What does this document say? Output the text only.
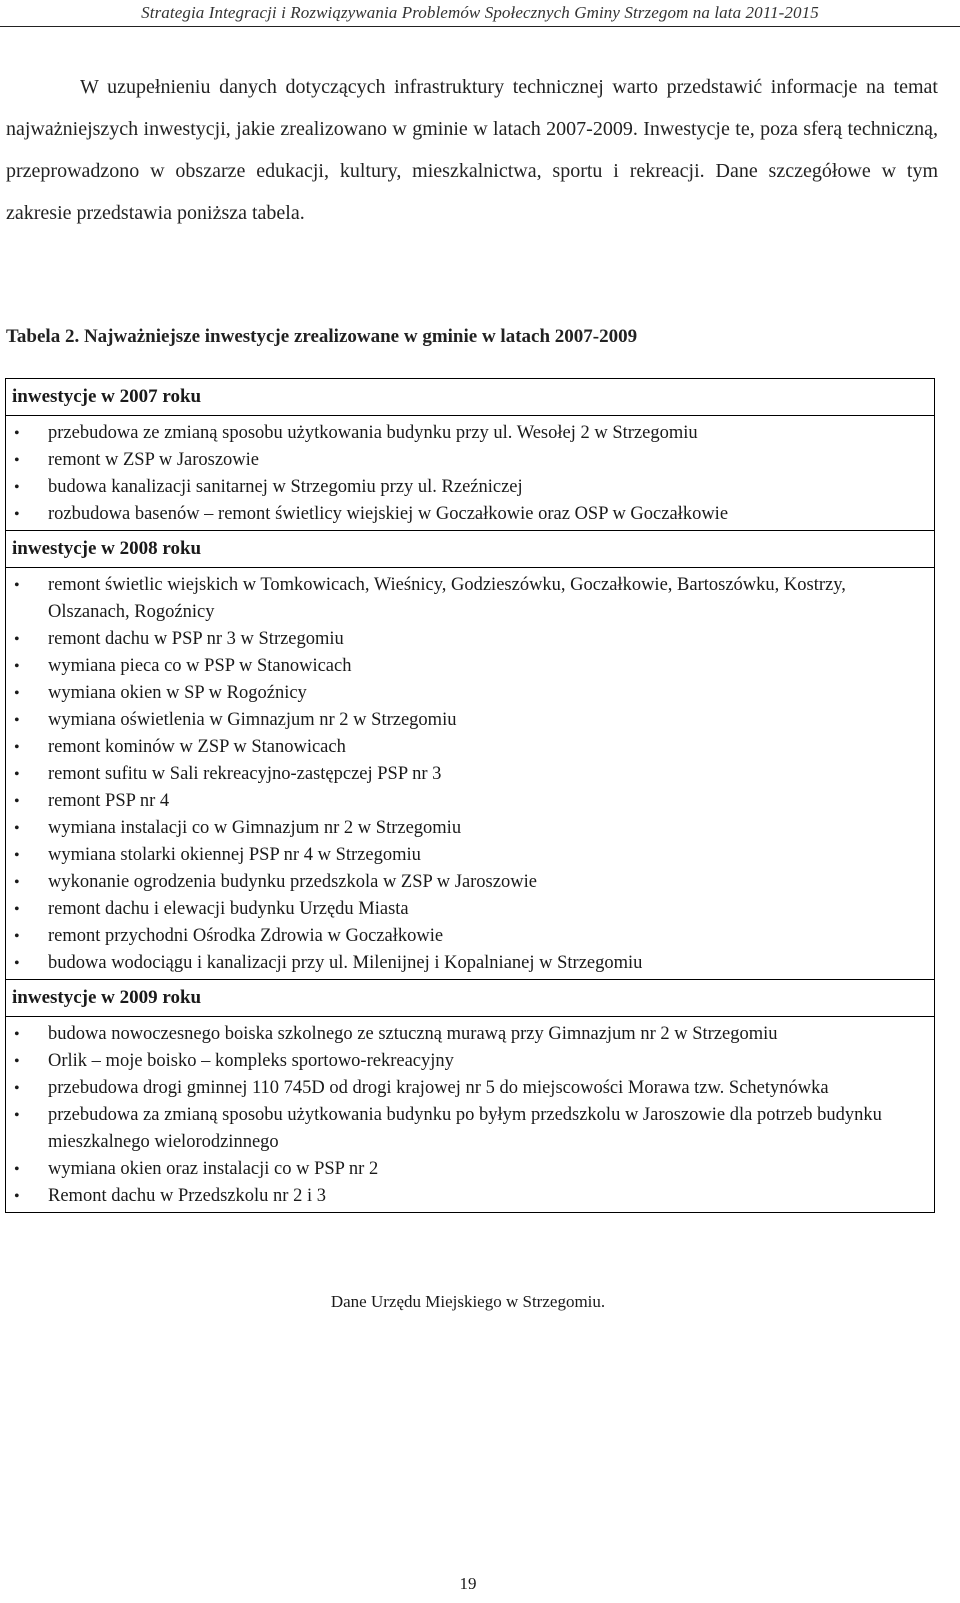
Strategia Integracji i Rozwiązywania Problemów Społecznych Gminy Strzegom na lata 2011-2015

W uzupełnieniu danych dotyczących infrastruktury technicznej warto przedstawić informacje na temat najważniejszych inwestycji, jakie zrealizowano w gminie w latach 2007-2009. Inwestycje te, poza sferą techniczną, przeprowadzono w obszarze edukacji, kultury, mieszkalnictwa, sportu i rekreacji. Dane szczegółowe w tym zakresie przedstawia poniższa tabela.

Tabela 2. Najważniejsze inwestycje zrealizowane w gminie w latach 2007-2009
inwestycje w 2007 roku
• przebudowa ze zmianą sposobu użytkowania budynku przy ul. Wesołej 2 w Strzegomiu
• remont w ZSP w Jaroszowie
• budowa kanalizacji sanitarnej w Strzegomiu przy ul. Rzeźniczej
• rozbudowa basenów – remont świetlicy wiejskiej w Goczałkowie oraz OSP w Goczałkowie
inwestycje w 2008 roku
• remont świetlic wiejskich w Tomkowicach, Wieśnicy, Godzieszówku, Goczałkowie, Bartoszówku, Kostrzy, Olszanach, Rogoźnicy
• remont dachu w PSP nr 3 w Strzegomiu
• wymiana pieca co w PSP w Stanowicach
• wymiana okien w SP w Rogoźnicy
• wymiana oświetlenia w Gimnazjum nr 2 w Strzegomiu
• remont kominów w ZSP w Stanowicach
• remont sufitu w Sali rekreacyjno-zastępczej PSP nr 3
• remont PSP nr 4
• wymiana instalacji co w Gimnazjum nr 2 w Strzegomiu
• wymiana stolarki okiennej PSP nr 4 w Strzegomiu
• wykonanie ogrodzenia budynku przedszkola w ZSP w Jaroszowie
• remont dachu i elewacji budynku Urzędu Miasta
• remont przychodni Ośrodka Zdrowia w Goczałkowie
• budowa wodociągu i kanalizacji przy ul. Milenijnej i Kopalnianej w Strzegomiu
inwestycje w 2009 roku
• budowa nowoczesnego boiska szkolnego ze sztuczną murawą przy Gimnazjum nr 2 w Strzegomiu
• Orlik – moje boisko – kompleks sportowo-rekreacyjny
• przebudowa drogi gminnej 110 745D od drogi krajowej nr 5 do miejscowości Morawa tzw. Schetynówka
• przebudowa za zmianą sposobu użytkowania budynku po byłym przedszkolu w Jaroszowie dla potrzeb budynku mieszkalnego wielorodzinnego
• wymiana okien oraz instalacji co w PSP nr 2
• Remont dachu w Przedszkolu nr 2 i 3
Dane Urzędu Miejskiego w Strzegomiu.
19
